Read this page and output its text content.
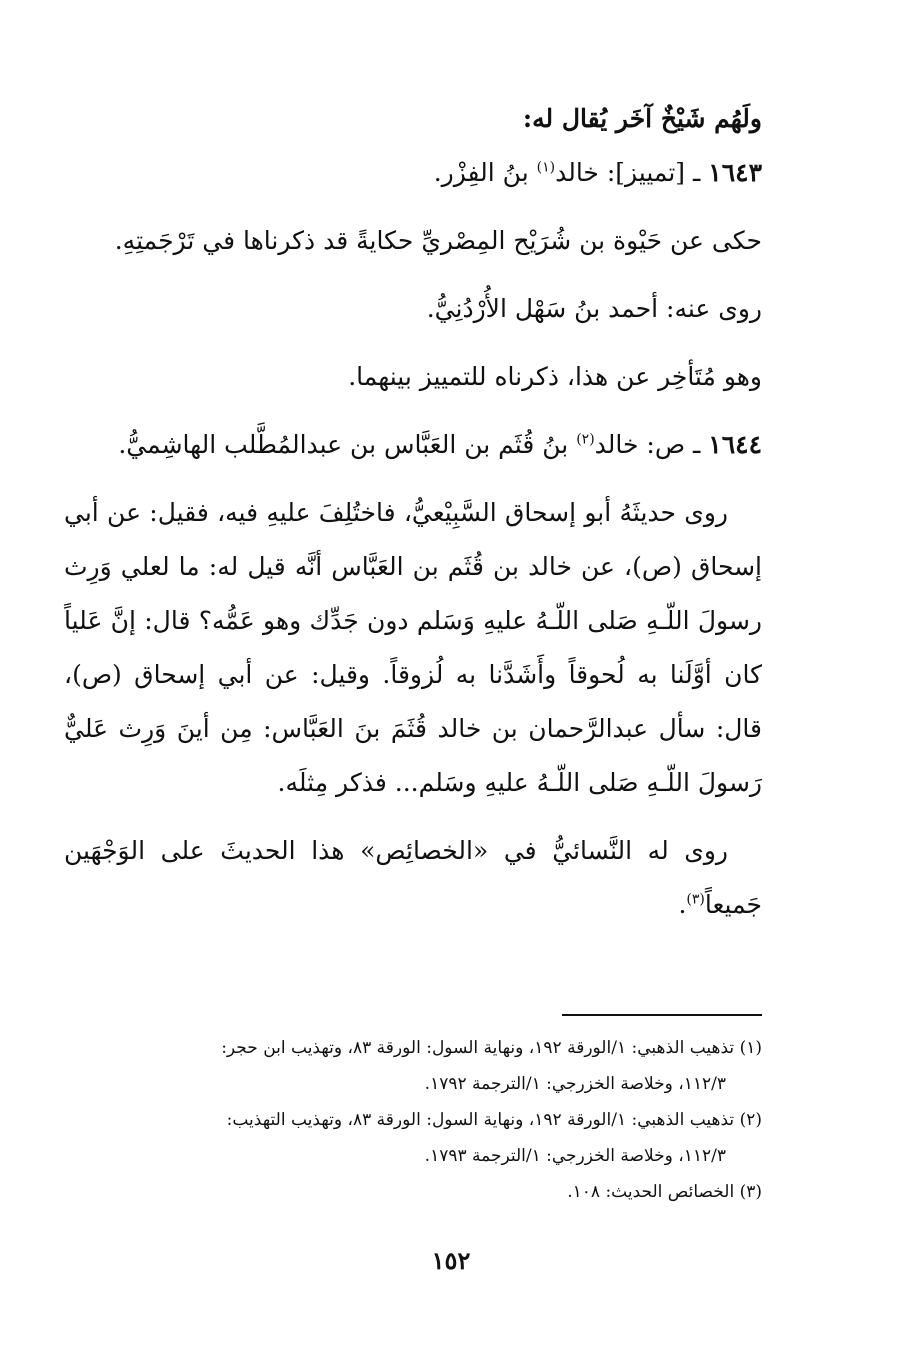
ولَهُم شَيْخٌ آخَر يُقال له:

١٦٤٣ ـ [تمييز]: خالد$^{(١)}$ بنُ الفِزْر.

حكى عن حَيْوة بن شُرَيْح المِصْريِّ حكايةً قد ذكرناها في تَرْجَمتِهِ.

روى عنه: أحمد بنُ سَهْل الأُرْدُنِيُّ.

وهو مُتَأخِر عن هذا، ذكرناه للتمييز بينهما.

١٦٤٤ ـ ص: خالد$^{(٢)}$ بنُ قُثَم بن العَبَّاس بن عبدالمُطَّلب الهاشِميُّ.

روى حديثَهُ أبو إسحاق السَّبِيْعيُّ، فاختُلِفَ عليهِ فيه، فقيل: عن أبي إسحاق (ص)، عن خالد بن قُثَم بن العَبَّاس أنَّه قيل له: ما لعلي وَرِث رسولَ اللّـهِ صَلى اللّـهُ عليهِ وَسَلم دون جَدِّك وهو عَمُّه؟ قال: إنَّ عَلياً كان أوَّلَنا به لُحوقاً وأَشَدَّنا به لُزوقاً. وقيل: عن أبي إسحاق (ص)، قال: سأل عبدالرَّحمان بن خالد قُثَمَ بنَ العَبَّاس: مِن أينَ وَرِث عَليٌّ رَسولَ اللّـهِ صَلى اللّـهُ عليهِ وسَلم... فذكر مِثلَه.

روى له النَّسائيُّ في «الخصائِص» هذا الحديثَ على الوَجْهَين جَميعاً$^{(٣)}$.

(١) تذهيب الذهبي: ١/الورقة ١٩٢، ونهاية السول: الورقة ٨٣، وتهذيب ابن حجر:
١١٢/٣، وخلاصة الخزرجي: ١/الترجمة ١٧٩٢.
(٢) تذهيب الذهبي: ١/الورقة ١٩٢، ونهاية السول: الورقة ٨٣، وتهذيب التهذيب:
١١٢/٣، وخلاصة الخزرجي: ١/الترجمة ١٧٩٣.
(٣) الخصائص الحديث: ١٠٨.
١٥٢
